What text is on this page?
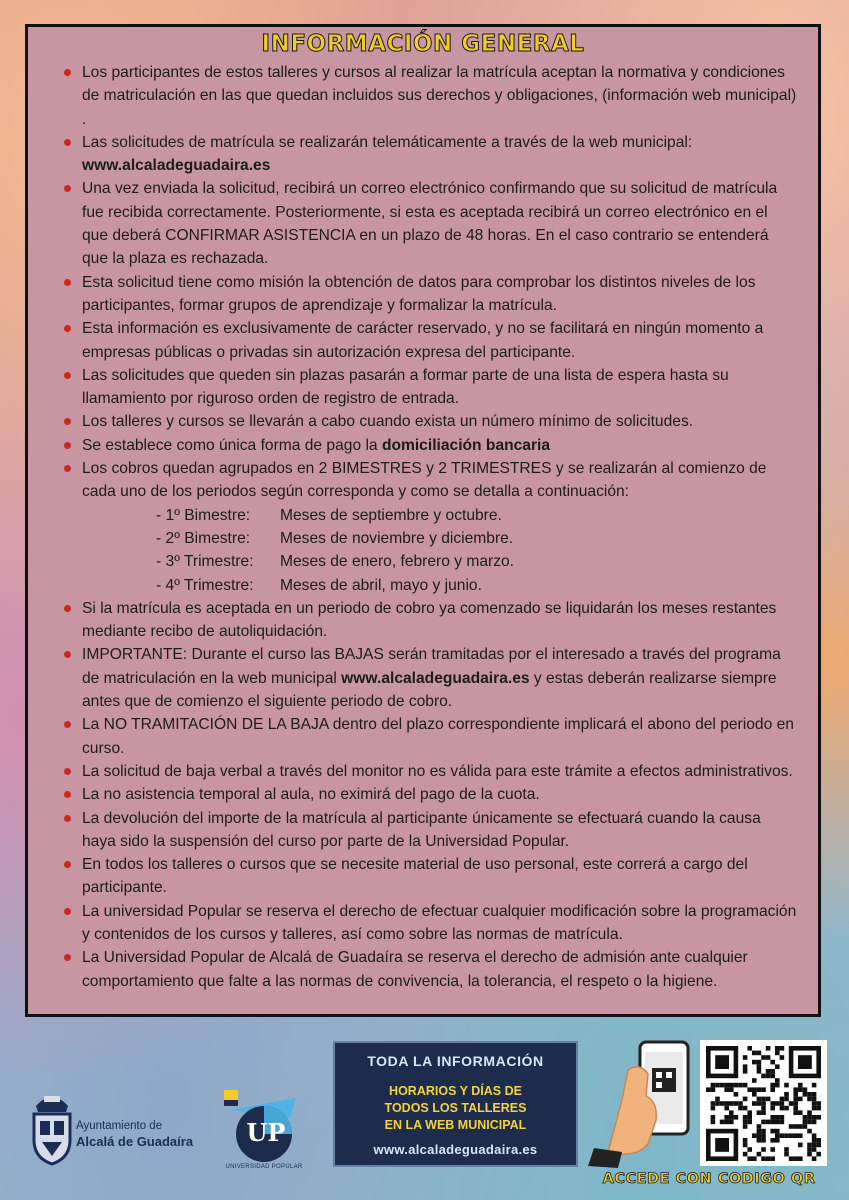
INFORMACIÓN GENERAL
Los participantes de estos talleres y cursos al realizar la matrícula aceptan la normativa y condiciones de matriculación en las que quedan incluidos sus derechos y obligaciones, (información web municipal) .
Las solicitudes de matrícula se realizarán telemáticamente a través de la web municipal: www.alcaladeguadaira.es
Una vez enviada la solicitud, recibirá un correo electrónico confirmando que su solicitud de matrícula fue recibida correctamente. Posteriormente, si esta es aceptada recibirá un correo electrónico en el que deberá CONFIRMAR ASISTENCIA en un plazo de 48 horas. En el caso contrario se entenderá que la plaza es rechazada.
Esta solicitud tiene como misión la obtención de datos para comprobar los distintos niveles de los participantes, formar grupos de aprendizaje y formalizar la matrícula.
Esta información es exclusivamente de carácter reservado, y no se facilitará en ningún momento a empresas públicas o privadas sin autorización expresa del participante.
Las solicitudes que queden sin plazas pasarán a formar parte de una lista de espera hasta su llamamiento por riguroso orden de registro de entrada.
Los talleres y cursos se llevarán a cabo cuando exista un número mínimo de solicitudes.
Se establece como única forma de pago la domiciliación bancaria
Los cobros quedan agrupados en 2 BIMESTRES y 2 TRIMESTRES y se realizarán al comienzo de cada uno de los periodos según corresponda y como se detalla a continuación:
- 1º Bimestre: Meses de septiembre y octubre.
- 2º Bimestre: Meses de noviembre y diciembre.
- 3º Trimestre: Meses de enero, febrero y marzo.
- 4º Trimestre: Meses de abril, mayo y junio.
Si la matrícula es aceptada en un periodo de cobro ya comenzado se liquidarán los meses restantes mediante recibo de autoliquidación.
IMPORTANTE: Durante el curso las BAJAS serán tramitadas por el interesado a través del programa de matriculación en la web municipal www.alcaladeguadaira.es y estas deberán realizarse siempre antes que de comienzo el siguiente periodo de cobro.
La NO TRAMITACIÓN DE LA BAJA dentro del plazo correspondiente implicará el abono del periodo en curso.
La solicitud de baja verbal a través del monitor no es válida para este trámite a efectos administrativos.
La no asistencia temporal al aula, no eximirá del pago de la cuota.
La devolución del importe de la matrícula al participante únicamente se efectuará cuando la causa haya sido la suspensión del curso por parte de la Universidad Popular.
En todos los talleres o cursos que se necesite material de uso personal, este correrá a cargo del participante.
La universidad Popular se reserva el derecho de efectuar cualquier modificación sobre la programación y contenidos de los cursos y talleres, así como sobre las normas de matrícula.
La Universidad Popular de Alcalá de Guadaíra se reserva el derecho de admisión ante cualquier comportamiento que falte a las normas de convivencia, la tolerancia, el respeto o la higiene.
Ayuntamiento de
Alcalá de Guadaíra UP
UNIVERSIDAD POPULAR
TODA LA INFORMACIÓN
HORARIOS Y DÍAS DE
TODOS LOS TALLERES
EN LA WEB MUNICIPAL
www.alcaladeguadaira.es
ACCEDE CON CODIGO QR
